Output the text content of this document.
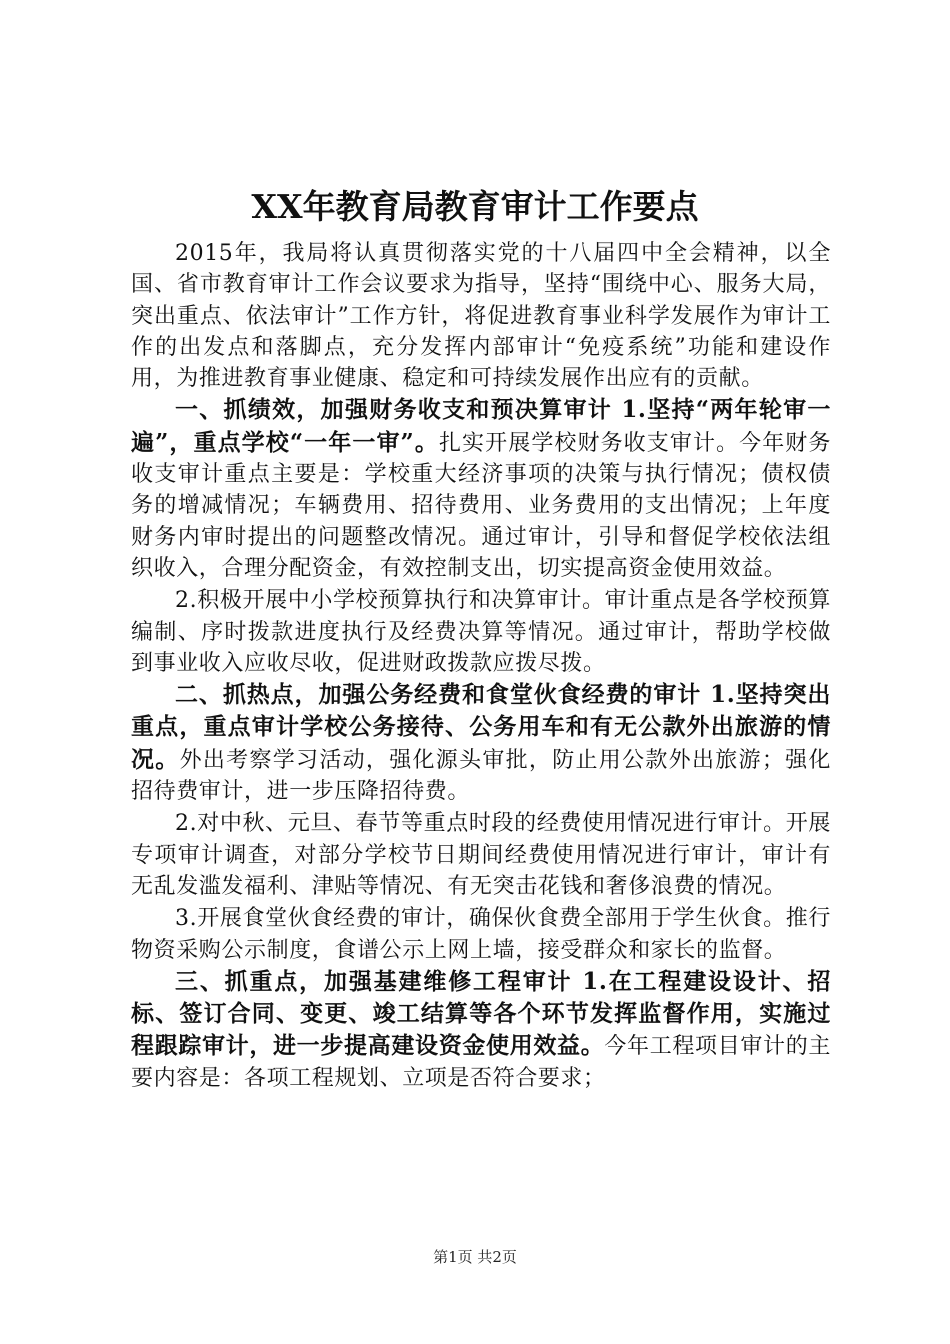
XX年教育局教育审计工作要点

2015年，我局将认真贯彻落实党的十八届四中全会精神，以全国、省市教育审计工作会议要求为指导，坚持“围绕中心、服务大局，突出重点、依法审计”工作方针，将促进教育事业科学发展作为审计工作的出发点和落脚点，充分发挥内部审计“免疫系统”功能和建设作用，为推进教育事业健康、稳定和可持续发展作出应有的贡献。

一、抓绩效，加强财务收支和预决算审计 1.坚持“两年轮审一遍”，重点学校“一年一审”。扎实开展学校财务收支审计。今年财务收支审计重点主要是：学校重大经济事项的决策与执行情况；债权债务的增减情况；车辆费用、招待费用、业务费用的支出情况；上年度财务内审时提出的问题整改情况。通过审计，引导和督促学校依法组织收入，合理分配资金，有效控制支出，切实提高资金使用效益。

2.积极开展中小学校预算执行和决算审计。审计重点是各学校预算编制、序时拨款进度执行及经费决算等情况。通过审计，帮助学校做到事业收入应收尽收，促进财政拨款应拨尽拨。

二、抓热点，加强公务经费和食堂伙食经费的审计 1.坚持突出重点，重点审计学校公务接待、公务用车和有无公款外出旅游的情况。外出考察学习活动，强化源头审批，防止用公款外出旅游；强化招待费审计，进一步压降招待费。

2.对中秋、元旦、春节等重点时段的经费使用情况进行审计。开展专项审计调查，对部分学校节日期间经费使用情况进行审计，审计有无乱发滥发福利、津贴等情况、有无突击花钱和奢侈浪费的情况。

3.开展食堂伙食经费的审计，确保伙食费全部用于学生伙食。推行物资采购公示制度，食谱公示上网上墙，接受群众和家长的监督。

三、抓重点，加强基建维修工程审计 1.在工程建设设计、招标、签订合同、变更、竣工结算等各个环节发挥监督作用，实施过程跟踪审计，进一步提高建设资金使用效益。今年工程项目审计的主要内容是：各项工程规划、立项是否符合要求；

第1页 共2页
